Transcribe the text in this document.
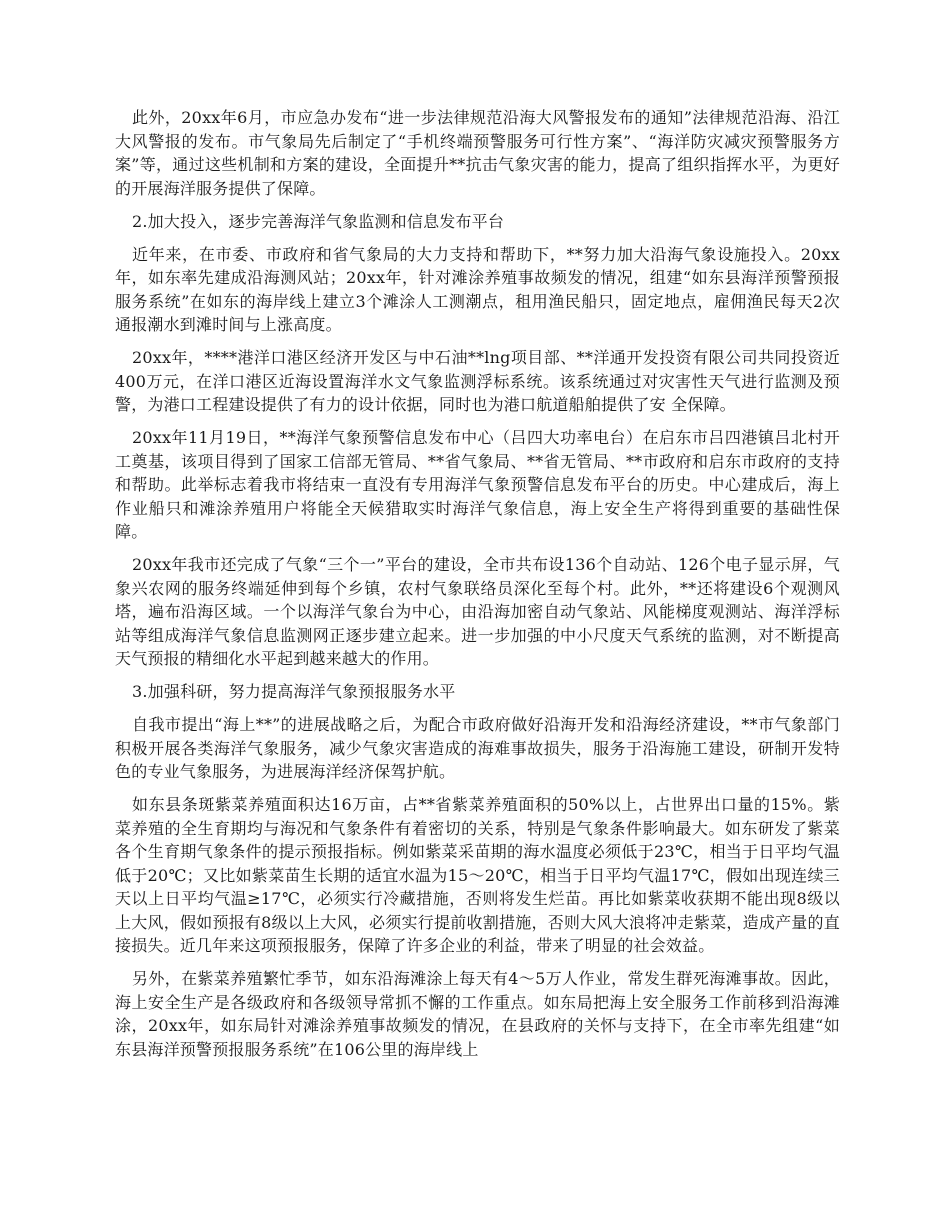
此外，20xx年6月，市应急办发布“进一步法律规范沿海大风警报发布的通知”法律规范沿海、沿江大风警报的发布。市气象局先后制定了“手机终端预警服务可行性方案”、“海洋防灾减灾预警服务方案”等，通过这些机制和方案的建设，全面提升**抗击气象灾害的能力，提高了组织指挥水平，为更好的开展海洋服务提供了保障。

2.加大投入，逐步完善海洋气象监测和信息发布平台

近年来，在市委、市政府和省气象局的大力支持和帮助下，**努力加大沿海气象设施投入。20xx年，如东率先建成沿海测风站；20xx年，针对滩涂养殖事故频发的情况，组建“如东县海洋预警预报服务系统”在如东的海岸线上建立3个滩涂人工测潮点，租用渔民船只，固定地点，雇佣渔民每天2次通报潮水到滩时间与上涨高度。

20xx年，****港洋口港区经济开发区与中石油**lng项目部、**洋通开发投资有限公司共同投资近400万元，在洋口港区近海设置海洋水文气象监测浮标系统。该系统通过对灾害性天气进行监测及预警，为港口工程建设提供了有力的设计依据，同时也为港口航道船舶提供了安 全保障。

20xx年11月19日，**海洋气象预警信息发布中心（吕四大功率电台）在启东市吕四港镇吕北村开工奠基，该项目得到了国家工信部无管局、**省气象局、**省无管局、**市政府和启东市政府的支持和帮助。此举标志着我市将结束一直没有专用海洋气象预警信息发布平台的历史。中心建成后，海上作业船只和滩涂养殖用户将能全天候猎取实时海洋气象信息，海上安全生产将得到重要的基础性保障。

20xx年我市还完成了气象“三个一”平台的建设，全市共布设136个自动站、126个电子显示屏，气象兴农网的服务终端延伸到每个乡镇，农村气象联络员深化至每个村。此外，**还将建设6个观测风塔，遍布沿海区域。一个以海洋气象台为中心，由沿海加密自动气象站、风能梯度观测站、海洋浮标站等组成海洋气象信息监测网正逐步建立起来。进一步加强的中小尺度天气系统的监测，对不断提高天气预报的精细化水平起到越来越大的作用。

3.加强科研，努力提高海洋气象预报服务水平

自我市提出“海上**”的进展战略之后，为配合市政府做好沿海开发和沿海经济建设，**市气象部门积极开展各类海洋气象服务，减少气象灾害造成的海难事故损失，服务于沿海施工建设，研制开发特色的专业气象服务，为进展海洋经济保驾护航。

如东县条斑紫菜养殖面积达16万亩，占**省紫菜养殖面积的50%以上，占世界出口量的15%。紫菜养殖的全生育期均与海况和气象条件有着密切的关系，特别是气象条件影响最大。如东研发了紫菜各个生育期气象条件的提示预报指标。例如紫菜采苗期的海水温度必须低于23℃，相当于日平均气温低于20℃；又比如紫菜苗生长期的适宜水温为15～20℃，相当于日平均气温17℃，假如出现连续三天以上日平均气温≥17℃，必须实行冷藏措施，否则将发生烂苗。再比如紫菜收获期不能出现8级以上大风，假如预报有8级以上大风，必须实行提前收割措施，否则大风大浪将冲走紫菜，造成产量的直接损失。近几年来这项预报服务，保障了许多企业的利益，带来了明显的社会效益。

另外，在紫菜养殖繁忙季节，如东沿海滩涂上每天有4～5万人作业，常发生群死海滩事故。因此，海上安全生产是各级政府和各级领导常抓不懈的工作重点。如东局把海上安全服务工作前移到沿海滩涂，20xx年，如东局针对滩涂养殖事故频发的情况，在县政府的关怀与支持下，在全市率先组建“如东县海洋预警预报服务系统”在106公里的海岸线上
